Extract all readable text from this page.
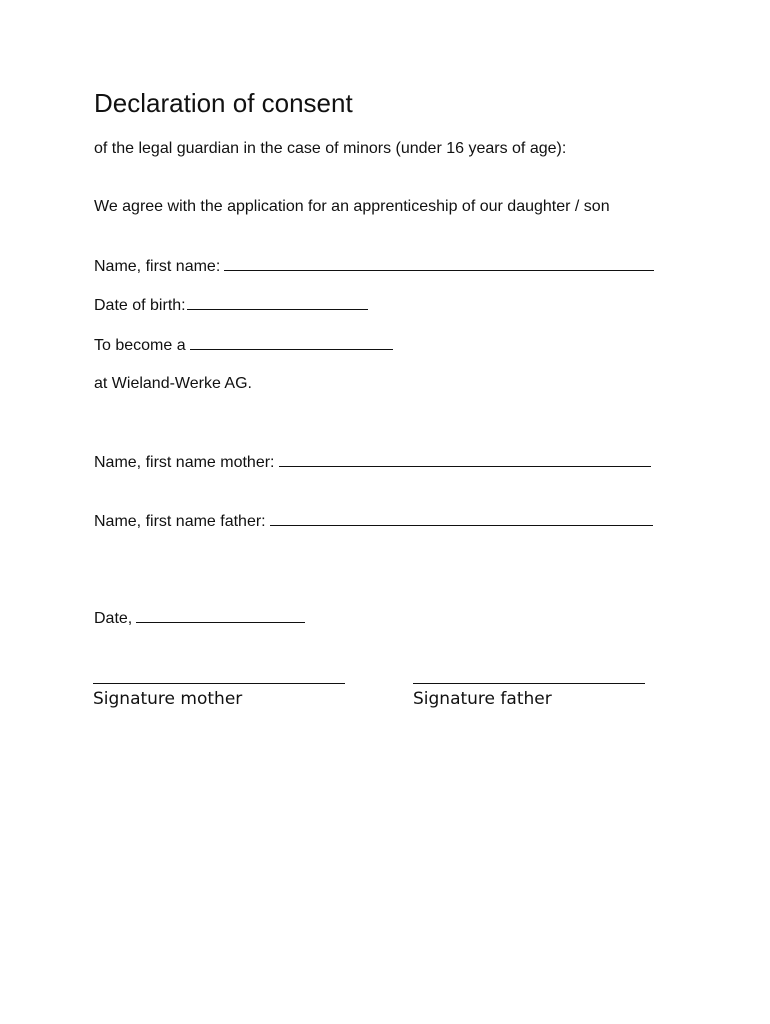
Declaration of consent
of the legal guardian in the case of minors (under 16 years of age):
We agree with the application for an apprenticeship of our daughter / son
Name, first name:
Date of birth:
To become a
at Wieland-Werke AG.
Name, first name mother:
Name, first name father:
Date,
Signature mother	Signature father
